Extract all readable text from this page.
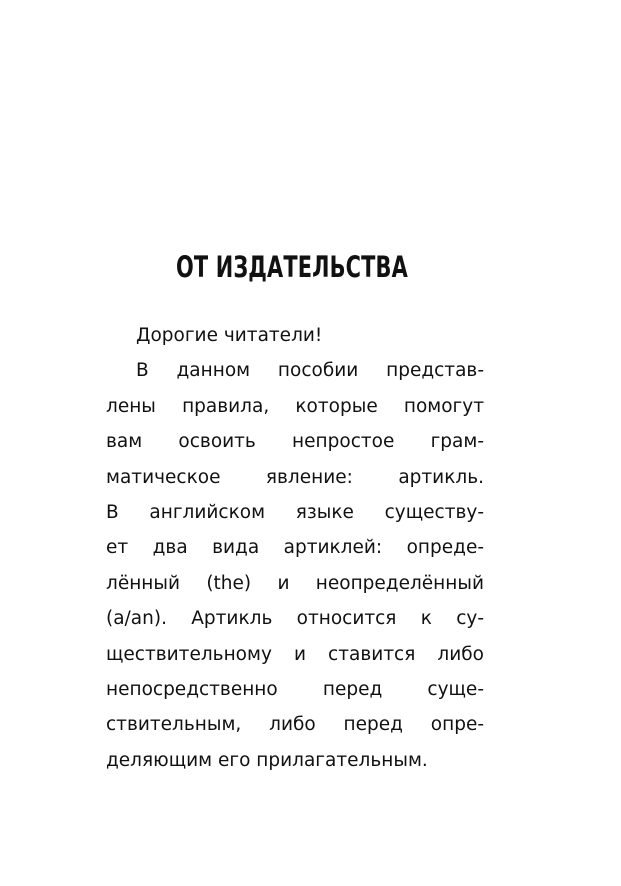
ОТ ИЗДАТЕЛЬСТВА
Дорогие читатели!
В данном пособии представ-
лены правила, которые помогут
вам освоить непростое грам-
матическое явление: артикль.
В английском языке существу-
ет два вида артиклей: опреде-
лённый (the) и неопределённый
(a/an). Артикль относится к су-
ществительному и ставится либо
непосредственно перед суще-
ствительным, либо перед опре-
деляющим его прилагательным.
